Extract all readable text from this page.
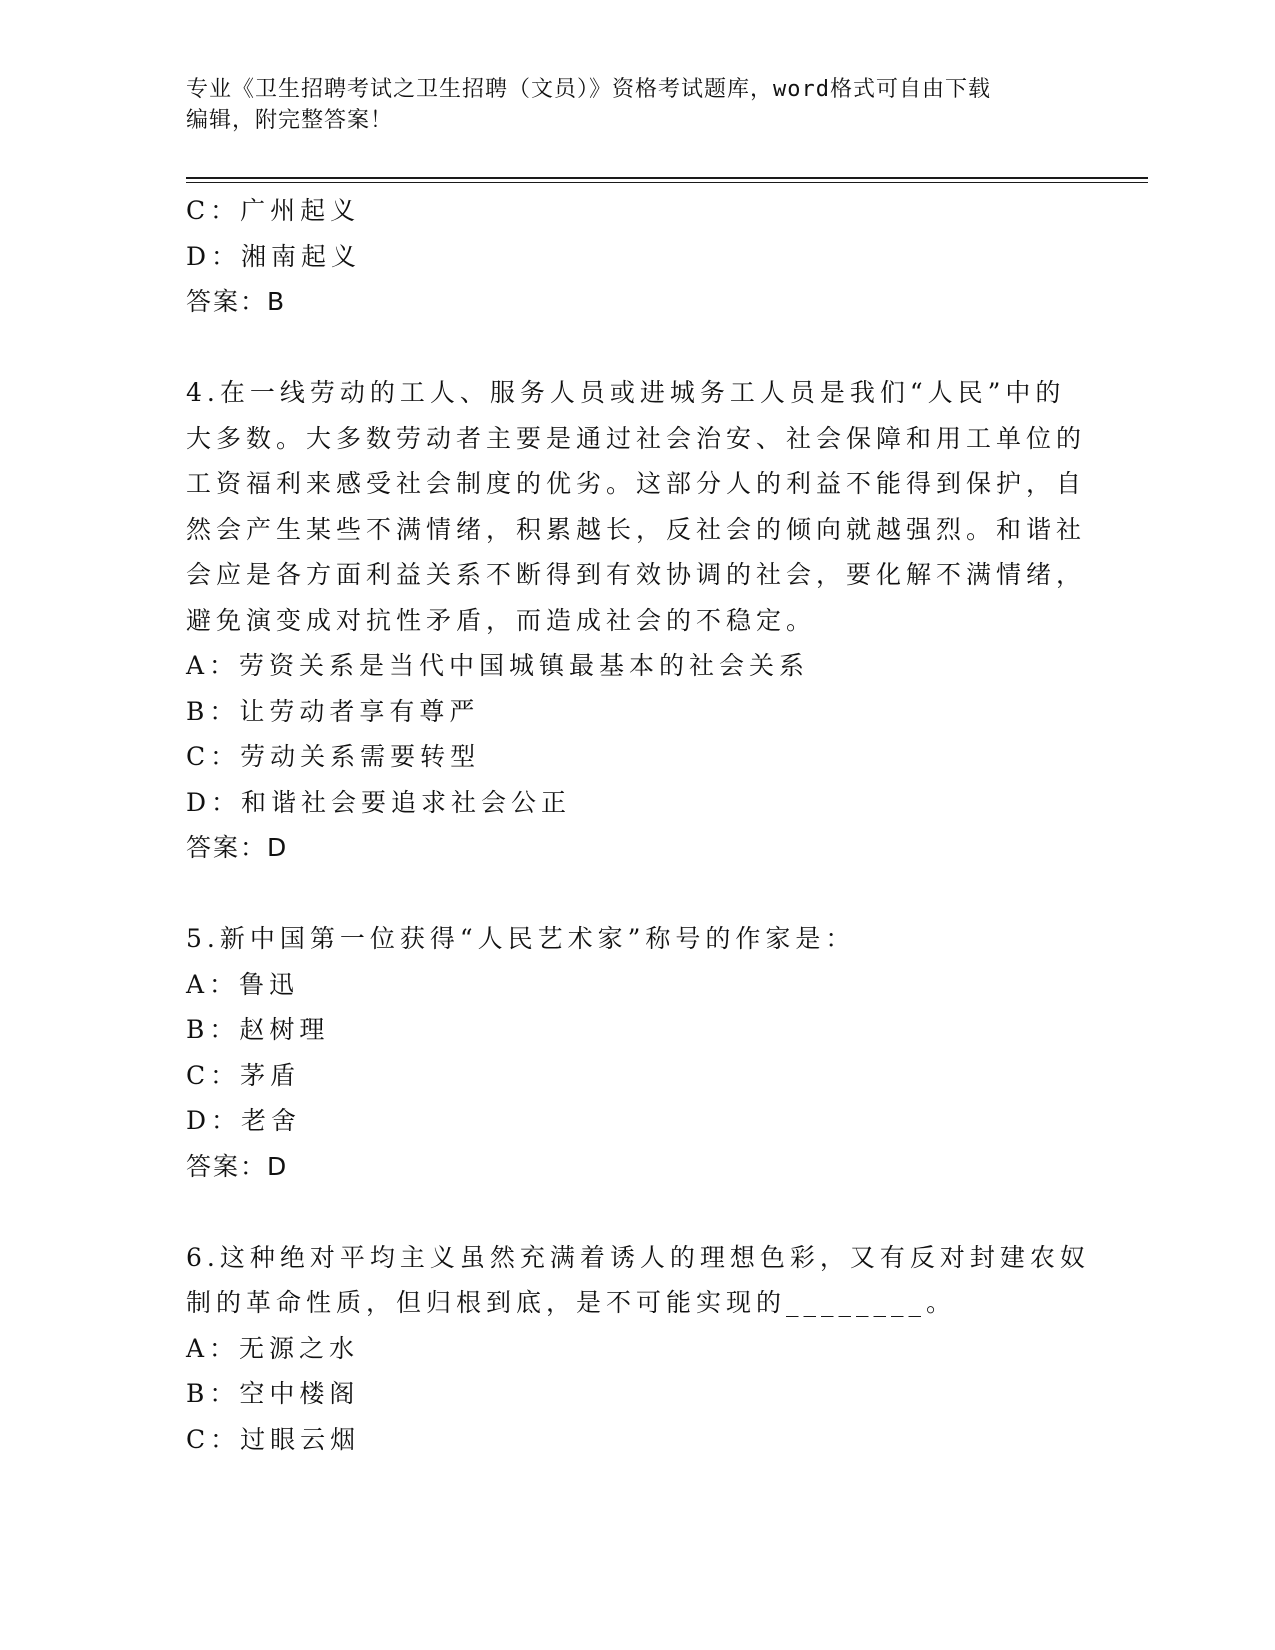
专业《卫生招聘考试之卫生招聘（文员）》资格考试题库，word格式可自由下载
编辑，附完整答案！
C：广州起义
D：湘南起义
答案：B
4.在一线劳动的工人、服务人员或进城务工人员是我们“人民”中的
大多数。大多数劳动者主要是通过社会治安、社会保障和用工单位的
工资福利来感受社会制度的优劣。这部分人的利益不能得到保护，自
然会产生某些不满情绪，积累越长，反社会的倾向就越强烈。和谐社
会应是各方面利益关系不断得到有效协调的社会，要化解不满情绪，
避免演变成对抗性矛盾，而造成社会的不稳定。
A：劳资关系是当代中国城镇最基本的社会关系
B：让劳动者享有尊严
C：劳动关系需要转型
D：和谐社会要追求社会公正
答案：D
5.新中国第一位获得“人民艺术家”称号的作家是：
A：鲁迅
B：赵树理
C：茅盾
D：老舍
答案：D
6.这种绝对平均主义虽然充满着诱人的理想色彩，又有反对封建农奴
制的革命性质，但归根到底，是不可能实现的________。
A：无源之水
B：空中楼阁
C：过眼云烟
